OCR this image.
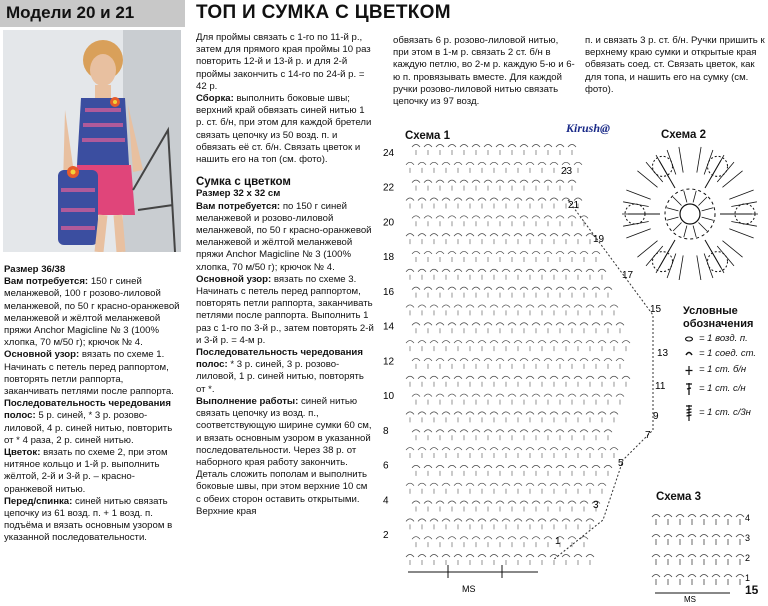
Модели 20 и 21	ТОП И СУМКА С ЦВЕТКОМ

Размер 36/38

Вам потребуется: 150 г синей меланжевой, 100 г розово-лиловой меланжевой, по 50 г красно-оранжевой меланжевой и жёлтой меланжевой пряжи Anchor Magicline № 3 (100% хлопка, 70 м/50 г); крючок № 4.

Основной узор: вязать по схеме 1. Начинать с петель перед раппортом, повторять петли раппорта, заканчивать петлями после раппорта.

Последовательность чередования полос: 5 р. синей, * 3 р. розово-лиловой, 4 р. синей нитью, повторить от * 4 раза, 2 р. синей нитью.

Цветок: вязать по схеме 2, при этом нитяное кольцо и 1-й р. выполнить жёлтой, 2-й и 3-й р. – красно-оранжевой нитью.

Перед/спинка: синей нитью связать цепочку из 61 возд. п. + 1 возд. п. подъёма и вязать основным узором в указанной последовательности.

Для проймы связать с 1-го по 11-й р., затем для прямого края проймы 10 раз повторить 12-й и 13-й р. и для 2-й проймы закончить с 14-го по 24-й р. = 42 р.

Сборка: выполнить боковые швы; верхний край обвязать синей нитью 1 р. ст. б/н, при этом для каждой бретели связать цепочку из 50 возд. п. и обвязать её ст. б/н. Связать цветок и нашить его на топ (см. фото).

Сумка с цветком

Размер 32 х 32 см

Вам потребуется: по 150 г синей меланжевой и розово-лиловой меланжевой, по 50 г красно-оранжевой меланжевой и жёлтой меланжевой пряжи Anchor Magicline № 3 (100% хлопка, 70 м/50 г); крючок № 4.

Основной узор: вязать по схеме 3. Начинать с петель перед раппортом, повторять петли раппорта, заканчивать петлями после раппорта. Выполнить 1 раз с 1-го по 3-й р., затем повторять 2-й и 3-й р. = 4-м р.

Последовательность чередования полос: * 3 р. синей, 3 р. розово-лиловой, 1 р. синей нитью, повторять от *.

Выполнение работы: синей нитью связать цепочку из возд. п., соответствующую ширине сумки 60 см, и вязать основным узором в указанной последовательности. Через 38 р. от наборного края работу закончить. Деталь сложить пополам и выполнить боковые швы, при этом верхние 10 см с обеих сторон оставить открытыми. Верхние края

обвязать 6 р. розово-лиловой нитью, при этом в 1-м р. связать 2 ст. б/н в каждую петлю, во 2-м р. каждую 5-ю и 6-ю п. провязывать вместе. Для каждой ручки розово-лиловой нитью связать цепочку из 97 возд.
п. и связать 3 р. ст. б/н. Ручки пришить к верхнему краю сумки и открытые края обвязать соед. ст. Связать цветок, как для топа, и нашить его на сумку (см. фото).
Kirush@
Схема 1
MS
24
22
20
18
16
14
12
10
8
6
4
2
23
21
19
17
15
13
11
9
7
5
3
1
Схема 2
Условные обозначения
= 1 возд. п.
= 1 соед. ст.
= 1 ст. б/н
= 1 ст. с/н
= 1 ст. с/3н
Схема 3
4
3
2
1
MS
15
